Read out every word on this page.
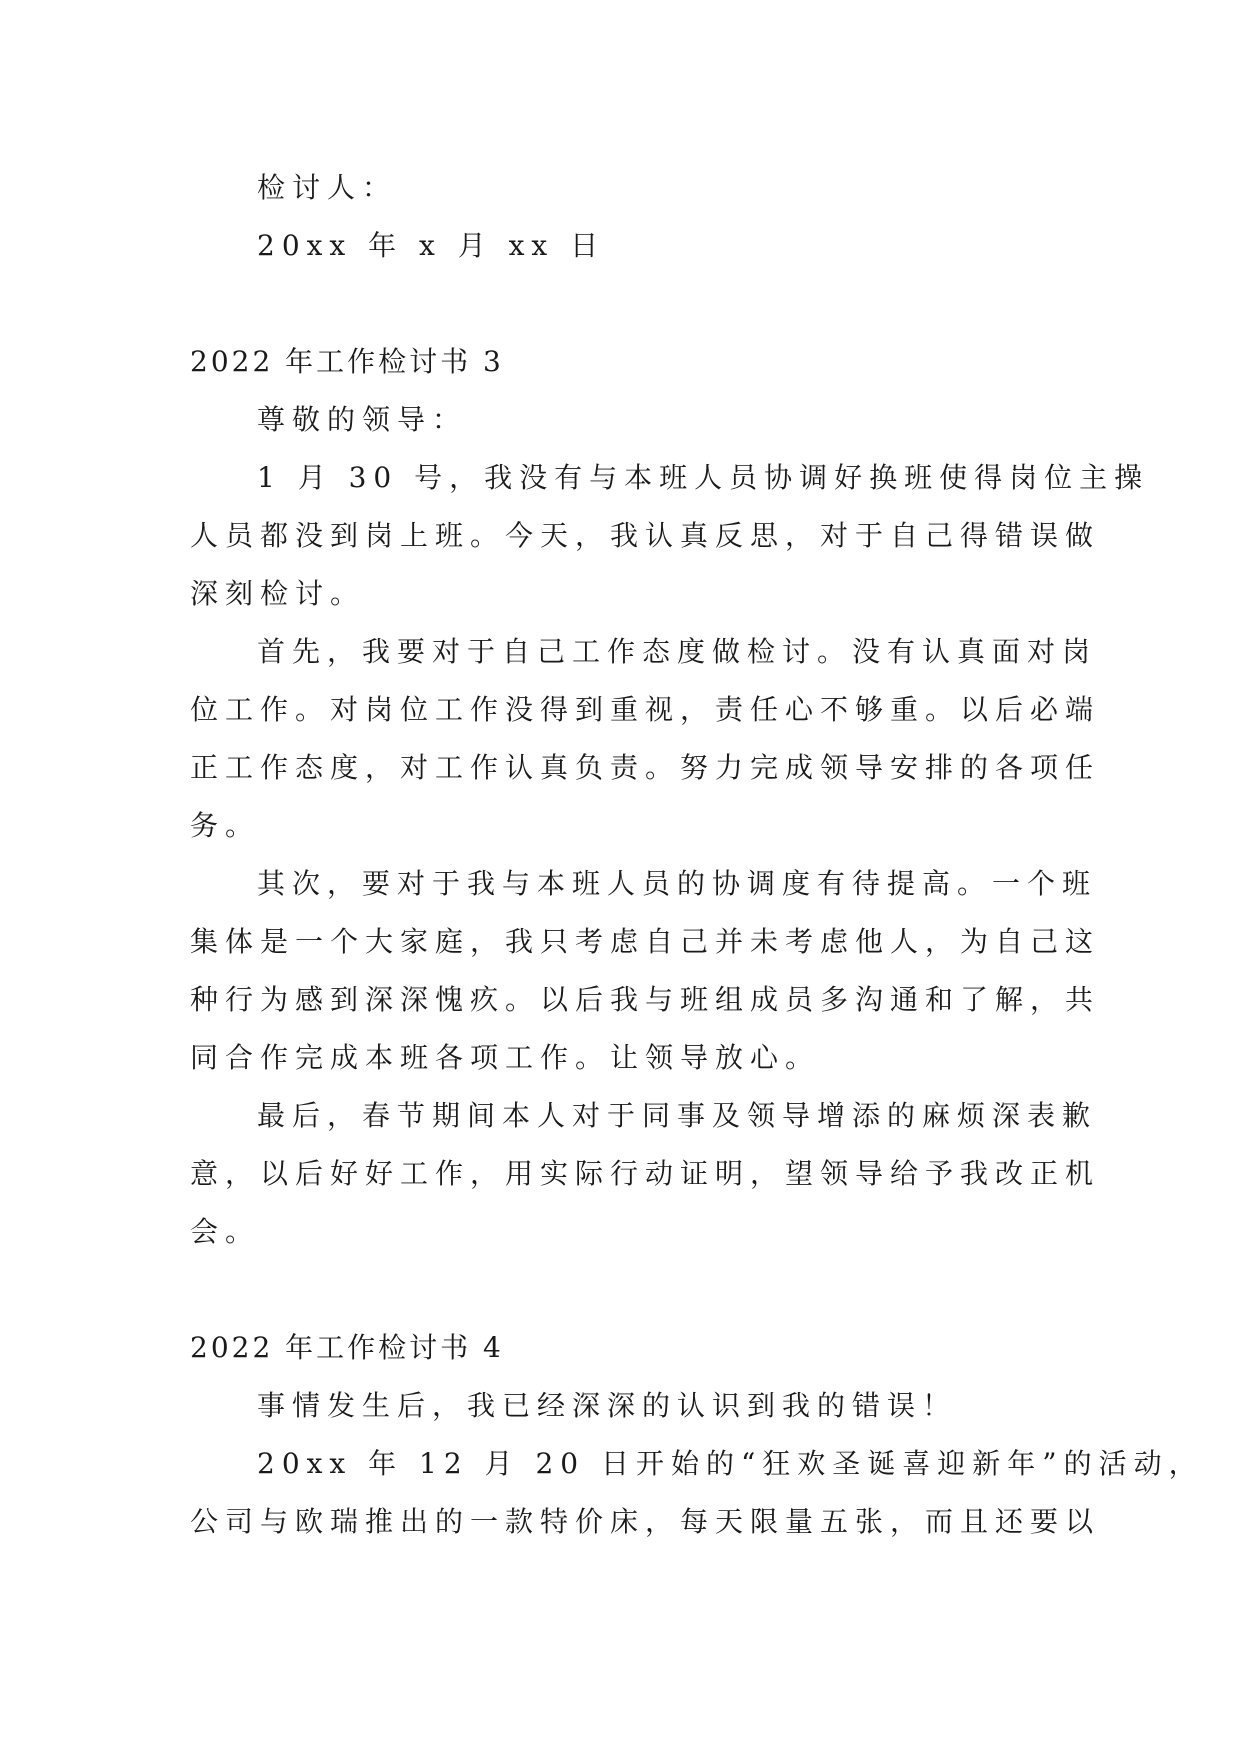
检讨人：
20xx 年 x 月 xx 日
2022 年工作检讨书 3
尊敬的领导：
1 月 30 号，我没有与本班人员协调好换班使得岗位主操
人员都没到岗上班。今天，我认真反思，对于自己得错误做
深刻检讨。
首先，我要对于自己工作态度做检讨。没有认真面对岗
位工作。对岗位工作没得到重视，责任心不够重。以后必端
正工作态度，对工作认真负责。努力完成领导安排的各项任
务。
其次，要对于我与本班人员的协调度有待提高。一个班
集体是一个大家庭，我只考虑自己并未考虑他人，为自己这
种行为感到深深愧疚。以后我与班组成员多沟通和了解，共
同合作完成本班各项工作。让领导放心。
最后，春节期间本人对于同事及领导增添的麻烦深表歉
意，以后好好工作，用实际行动证明，望领导给予我改正机
会。
2022 年工作检讨书 4
事情发生后，我已经深深的认识到我的错误！
20xx 年 12 月 20 日开始的“狂欢圣诞喜迎新年”的活动，
公司与欧瑞推出的一款特价床，每天限量五张，而且还要以
